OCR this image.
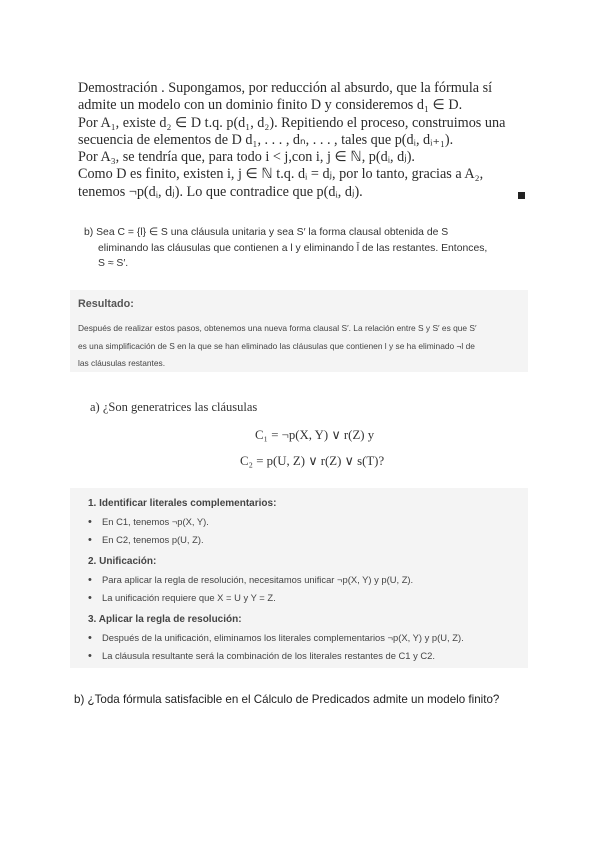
Demostración . Supongamos, por reducción al absurdo, que la fórmula sí
admite un modelo con un dominio finito D y consideremos d₁ ∈ D.
Por A₁, existe d₂ ∈ D t.q. p(d₁, d₂). Repitiendo el proceso, construimos una
secuencia de elementos de D d₁, . . . , dₙ, . . . , tales que p(dᵢ, dᵢ₊₁).
Por A₃, se tendría que, para todo i < j,con i, j ∈ ℕ, p(dᵢ, dⱼ).
Como D es finito, existen i, j ∈ ℕ t.q. dᵢ = dⱼ, por lo tanto, gracias a A₂,
tenemos ¬p(dᵢ, dⱼ). Lo que contradice que p(dᵢ, dⱼ).
b) Sea C = {l} ∈ S una cláusula unitaria y sea S′ la forma clausal obtenida de S
eliminando las cláusulas que contienen a l y eliminando l̄ de las restantes. Entonces,
S ≈ S′.
Resultado:
Después de realizar estos pasos, obtenemos una nueva forma clausal S′. La relación entre S y S′ es que S′
es una simplificación de S en la que se han eliminado las cláusulas que contienen l y se ha eliminado ¬l de
las cláusulas restantes.
a) ¿Son generatrices las cláusulas
C₁ = ¬p(X, Y) ∨ r(Z) y
C₂ = p(U, Z) ∨ r(Z) ∨ s(T)?
1. Identificar literales complementarios:
• En C1, tenemos ¬p(X, Y).
• En C2, tenemos p(U, Z).
2. Unificación:
• Para aplicar la regla de resolución, necesitamos unificar ¬p(X, Y) y p(U, Z).
• La unificación requiere que X = U y Y = Z.
3. Aplicar la regla de resolución:
• Después de la unificación, eliminamos los literales complementarios ¬p(X, Y) y p(U, Z).
• La cláusula resultante será la combinación de los literales restantes de C1 y C2.
b) ¿Toda fórmula satisfacible en el Cálculo de Predicados admite un modelo finito?
